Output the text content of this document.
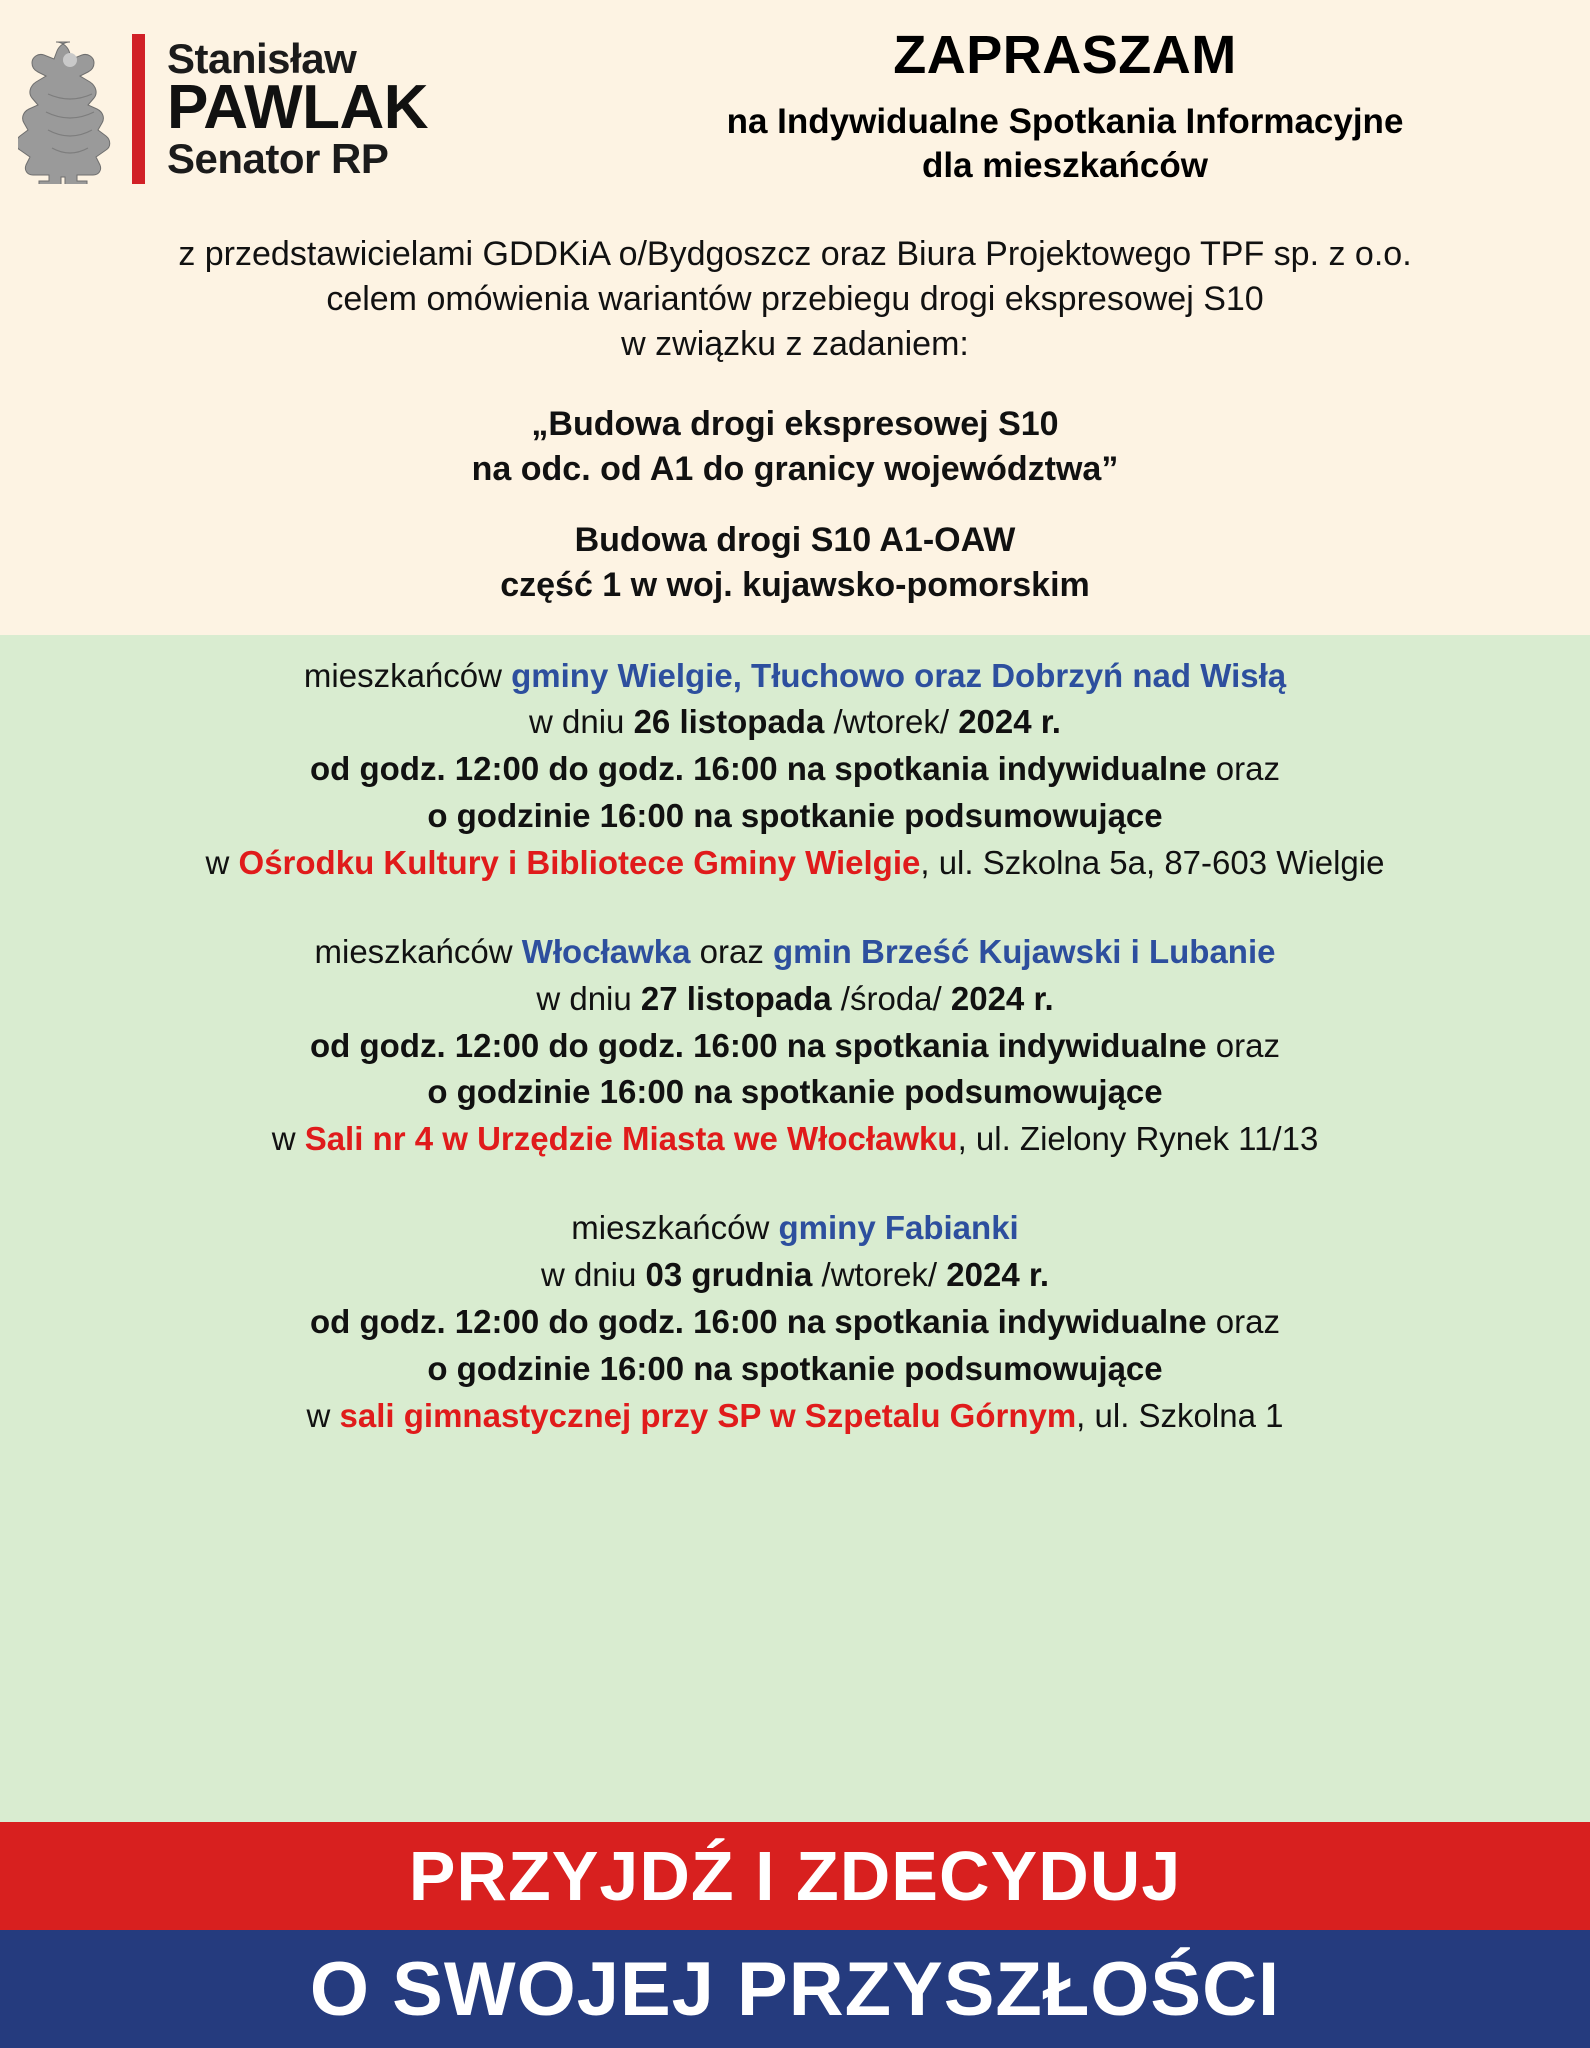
Stanisław
PAWLAK
Senator RP
ZAPRASZAM
na Indywidualne Spotkania Informacyjne
dla mieszkańców

z przedstawicielami GDDKiA o/Bydgoszcz oraz Biura Projektowego TPF sp. z o.o.

celem omówienia wariantów przebiegu drogi ekspresowej S10

w związku z zadaniem:

„Budowa drogi ekspresowej S10

na odc. od A1 do granicy województwa”

Budowa drogi S10 A1-OAW

część 1 w woj. kujawsko-pomorskim

mieszkańców gminy Wielgie, Tłuchowo oraz Dobrzyń nad Wisłą
w dniu 26 listopada /wtorek/ 2024 r.
od godz. 12:00 do godz. 16:00 na spotkania indywidualne oraz
o godzinie 16:00 na spotkanie podsumowujące
w Ośrodku Kultury i Bibliotece Gminy Wielgie, ul. Szkolna 5a, 87-603 Wielgie
mieszkańców Włocławka oraz gmin Brześć Kujawski i Lubanie
w dniu 27 listopada /środa/ 2024 r.
od godz. 12:00 do godz. 16:00 na spotkania indywidualne oraz
o godzinie 16:00 na spotkanie podsumowujące
w Sali nr 4 w Urzędzie Miasta we Włocławku, ul. Zielony Rynek 11/13
mieszkańców gminy Fabianki
w dniu 03 grudnia /wtorek/ 2024 r.
od godz. 12:00 do godz. 16:00 na spotkania indywidualne oraz
o godzinie 16:00 na spotkanie podsumowujące
w sali gimnastycznej przy SP w Szpetalu Górnym, ul. Szkolna 1
PRZYJDŹ I ZDECYDUJ
O SWOJEJ PRZYSZŁOŚCI
